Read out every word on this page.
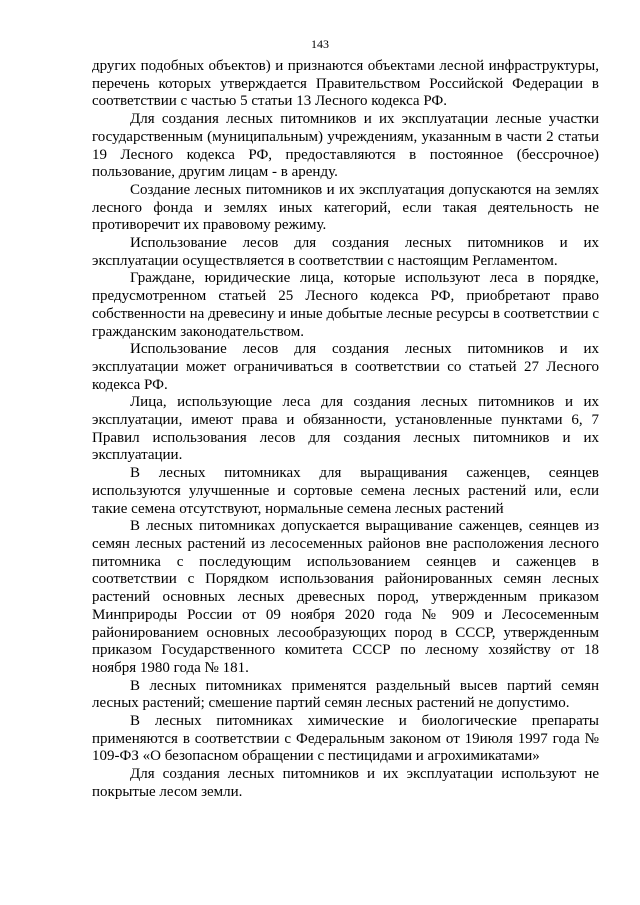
143

других подобных объектов) и признаются объектами лесной инфраструктуры, перечень которых утверждается Правительством Российской Федерации в соответствии с частью 5 статьи 13 Лесного кодекса РФ.

Для создания лесных питомников и их эксплуатации лесные участки государственным (муниципальным) учреждениям, указанным в части 2 статьи 19 Лесного кодекса РФ, предоставляются в постоянное (бессрочное) пользование, другим лицам - в аренду.

Создание лесных питомников и их эксплуатация допускаются на землях лесного фонда и землях иных категорий, если такая деятельность не противоречит их правовому режиму.

Использование лесов для создания лесных питомников и их эксплуатации осуществляется в соответствии с настоящим Регламентом.

Граждане, юридические лица, которые используют леса в порядке, предусмотренном статьей 25 Лесного кодекса РФ, приобретают право собственности на древесину и иные добытые лесные ресурсы в соответствии с гражданским законодательством.

Использование лесов для создания лесных питомников и их эксплуатации может ограничиваться в соответствии со статьей 27 Лесного кодекса РФ.

Лица, использующие леса для создания лесных питомников и их эксплуатации, имеют права и обязанности, установленные пунктами 6, 7 Правил использования лесов для создания лесных питомников и их эксплуатации.

В лесных питомниках для выращивания саженцев, сеянцев используются улучшенные и сортовые семена лесных растений или, если такие семена отсутствуют, нормальные семена лесных растений

В лесных питомниках допускается выращивание саженцев, сеянцев из семян лесных растений из лесосеменных районов вне расположения лесного питомника с последующим использованием сеянцев и саженцев в соответствии с Порядком использования районированных семян лесных растений основных лесных древесных пород, утвержденным приказом Минприроды России от 09 ноября 2020 года № 909 и Лесосеменным районированием основных лесообразующих пород в СССР, утвержденным приказом Государственного комитета СССР по лесному хозяйству от 18 ноября 1980 года № 181.

В лесных питомниках применятся раздельный высев партий семян лесных растений; смешение партий семян лесных растений не допустимо.

В лесных питомниках химические и биологические препараты применяются в соответствии с Федеральным законом от 19июля 1997 года № 109-ФЗ «О безопасном обращении с пестицидами и агрохимикатами»

Для создания лесных питомников и их эксплуатации используют не покрытые лесом земли.
